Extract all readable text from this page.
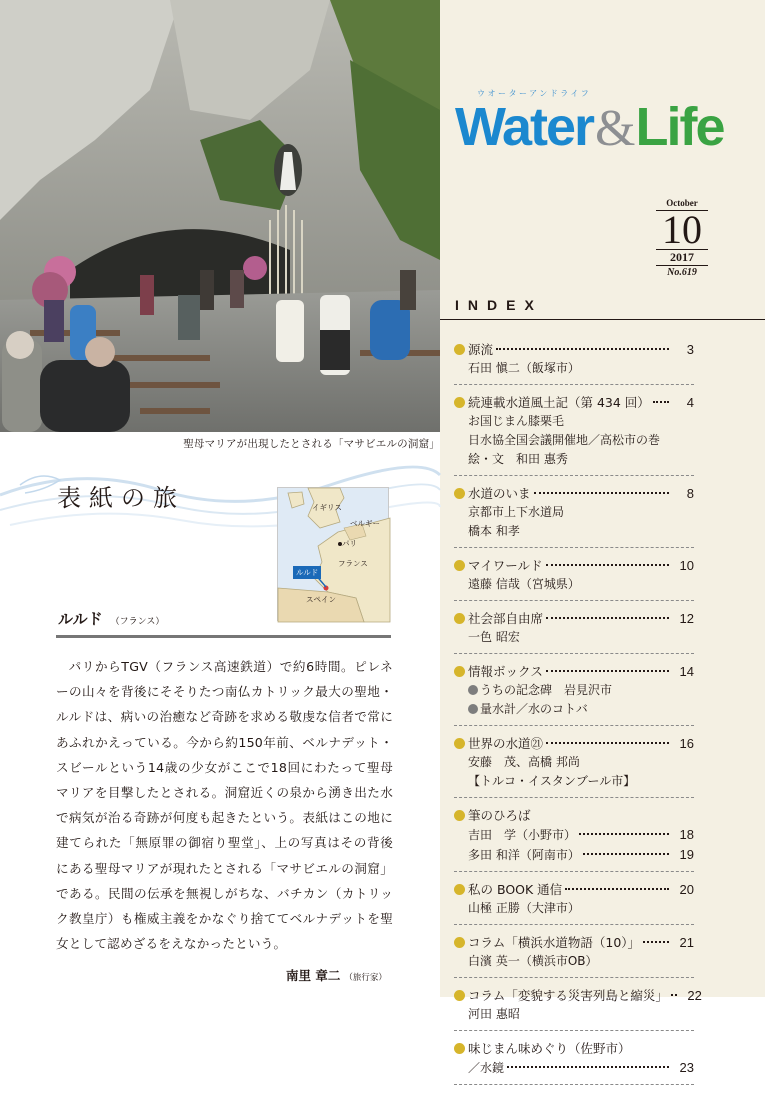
聖母マリアが出現したとされる「マサビエルの洞窟」
ウオーターアンドライフ
Water&Life
October
10
2017
No.619
INDEX
源流	3
石田 愼二（飯塚市）
続連載水道風土記（第 434 回）	4
お国じまん膝栗毛
日水協全国会議開催地／高松市の巻
絵・文　和田 惠秀
水道のいま	8
京都市上下水道局
橋本 和孝
マイワールド	10
遠藤 信哉（宮城県）
社会部自由席	12
一色 昭宏
情報ボックス	14
うちの記念碑　岩見沢市
量水計／水のコトバ
世界の水道㉑	16
安藤　茂、高橋 邦尚
【トルコ・イスタンブール市】
筆のひろば
吉田　学（小野市）	18
多田 和洋（阿南市）	19
私の BOOK 通信	20
山極 正勝（大津市）
コラム「横浜水道物語（10）」	21
白濱 英一（横浜市OB）
コラム「変貌する災害列島と縮災」	22
河田 惠昭
味じまん味めぐり（佐野市）
／水鏡	23
表紙の旅	イギリス
ベルギー
パリ
フランス
スペイン
ルルド
ルルド （フランス）

パリからTGV（フランス高速鉄道）で約6時間。ピレネーの山々を背後にそそりたつ南仏カトリック最大の聖地・ルルドは、病いの治癒など奇跡を求める敬虔な信者で常にあふれかえっている。今から約150年前、ベルナデット・スビールという14歳の少女がここで18回にわたって聖母マリアを目撃したとされる。洞窟近くの泉から湧き出た水で病気が治る奇跡が何度も起きたという。表紙はこの地に建てられた「無原罪の御宿り聖堂」、上の写真はその背後にある聖母マリアが現れたとされる「マサビエルの洞窟」である。民間の伝承を無視しがちな、バチカン（カトリック教皇庁）も権威主義をかなぐり捨ててベルナデットを聖女として認めざるをえなかったという。

南里 章二 （旅行家）
